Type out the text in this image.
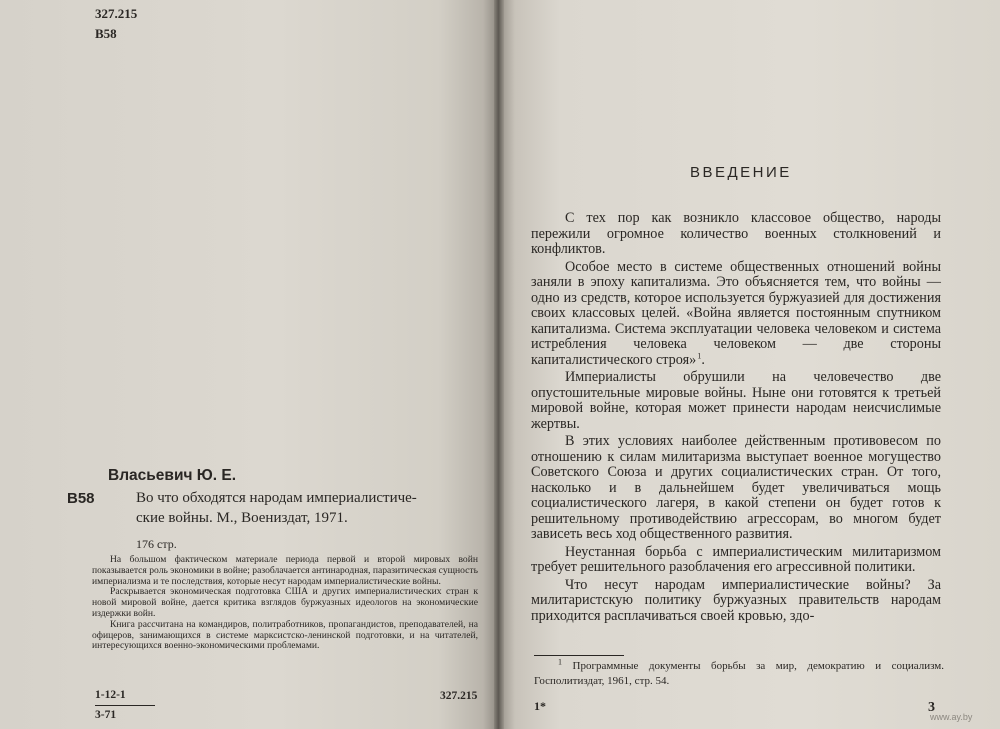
327.215
В58
Власьевич Ю. Е.
В58	Во что обходятся народам империалистиче-
ские войны. М., Воениздат, 1971.
176 стр.

На большом фактическом материале периода первой и второй мировых войн показывается роль экономики в войне; разоблачается антинародная, паразитическая сущность империализма и те последствия, которые несут народам империалистические войны.

Раскрывается экономическая подготовка США и других империалистических стран к новой мировой войне, дается критика взглядов буржуазных идеологов на экономические издержки войн.

Книга рассчитана на командиров, политработников, пропагандистов, преподавателей, на офицеров, занимающихся в системе марксистско-ленинской подготовки, и на читателей, интересующихся военно-экономическими проблемами.

1-12-1
3-71
327.215
ВВЕДЕНИЕ

С тех пор как возникло классовое общество, народы пережили огромное количество военных столкновений и конфликтов.

Особое место в системе общественных отношений войны заняли в эпоху капитализма. Это объясняется тем, что войны — одно из средств, которое используется буржуазией для достижения своих классовых целей. «Война является постоянным спутником капитализма. Система эксплуатации человека человеком и система истребления человека человеком — две стороны капиталистического строя» $^1$.

Империалисты обрушили на человечество две опустошительные мировые войны. Ныне они готовятся к третьей мировой войне, которая может принести народам неисчислимые жертвы.

В этих условиях наиболее действенным противовесом по отношению к силам милитаризма выступает военное могущество Советского Союза и других социалистических стран. От того, насколько и в дальнейшем будет увеличиваться мощь социалистического лагеря, в какой степени он будет готов к решительному противодействию агрессорам, во многом будет зависеть весь ход общественного развития.

Неустанная борьба с империалистическим милитаризмом требует решительного разоблачения его агрессивной политики.

Что несут народам империалистические войны? За милитаристскую политику буржуазных правительств народам приходится расплачиваться своей кровью, здо-

$^1$ Программные документы борьбы за мир, демократию и социализм. Госполитиздат, 1961, стр. 54.

1*	3
www.ay.by
